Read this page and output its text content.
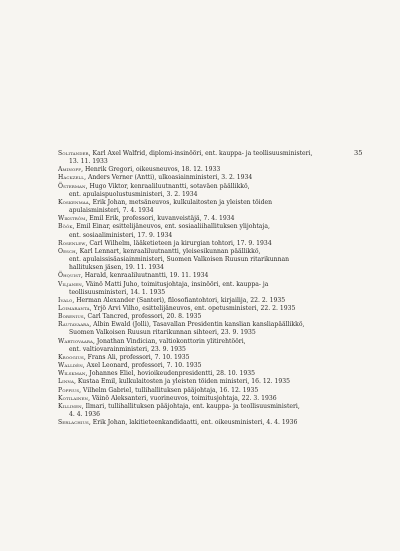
35
Solitander, Karl Axel Walfrid, diplomi-insinööri, ent. kauppa- ja teollisuusministeri,
13. 11. 1933
Aminoff, Henrik Gregori, oikeusneuvos, 18. 12. 1933
Hackzell, Anders Verner (Antti), ulkoasiainministeri, 3. 2. 1934
Österman, Hugo Viktor, kenraaliluutnantti, sotaväen päällikkö,
ent. apulaispuolustusministeri, 3. 2. 1934
Koskenmaa, Erik Johan, metsäneuvos, kulkulaitosten ja yleisten töiden
apulaisministeri, 7. 4. 1934
Wikström, Emil Erik, professori, kuvanveistäjä, 7. 4. 1934
Böök, Emil Einar, esittelijäneuvos, ent. sosiaaliihallituksen ylijohtaja,
ent. sosiaaliministeri, 17. 9. 1934
Rosenlew, Carl Wilhelm, lääketieteen ja kirurgian tohtori, 17. 9. 1934
Oesch, Karl Lennart, kenraaliluutnantti, yleisesikunnan päällikkö,
ent. apulaissisäasiainministeri, Suomen Valkoisen Ruusun ritarikunnan
hallituksen jäsen, 19. 11. 1934
Öhquist, Harald, kenraaliluutnantti, 19. 11. 1934
Viljanen, Väinö Matti Juho, toimitusjohtaja, insinööri, ent. kauppa- ja
teollisuusministeri, 14. 1. 1935
Ivalo, Herman Alexander (Santeri), filosofiantohtori, kirjailija, 22. 2. 1935
Loimaranta, Yrjö Arvi Vilho, esittelijäneuvos, ent. opetusministeri, 22. 2. 1935
Borenius, Carl Tancred, professori, 20. 8. 1935
Rautavaara, Albin Ewald (Jolli), Tasavallan Presidentin kanslian kansliapäällikkö,
Suomen Valkoisen Ruusun ritarikunnan sihteeri, 23. 9. 1935
Wartiovaara, Jonathan Vindician, valtiokonttorin ylitirehtööri,
ent. valtiovarainministeri, 23. 9. 1935
Kroogius, Frans Ali, professori, 7. 10. 1935
Walldén, Axel Leonard, professori, 7. 10. 1935
Wilskman, Johannes Eliel, hovioikeudenpresidentti, 28. 10. 1935
Linna, Kustaa Emil, kulkulaitosten ja yleisten töiden ministeri, 16. 12. 1935
Poppius, Vilhelm Gabriel, tullihallituksen pääjohtaja, 16. 12. 1935
Kotilainen, Väinö Aleksanteri, vuorineuvos, toimitusjohtaja, 22. 3. 1936
Killinen, Ilmari, tullihallituksen pääjohtaja, ent. kauppa- ja teollisuusministeri,
4. 4. 1936
Serlachius, Erik Johan, lakitieteenkandidaatti, ent. oikeusministeri, 4. 4. 1936
